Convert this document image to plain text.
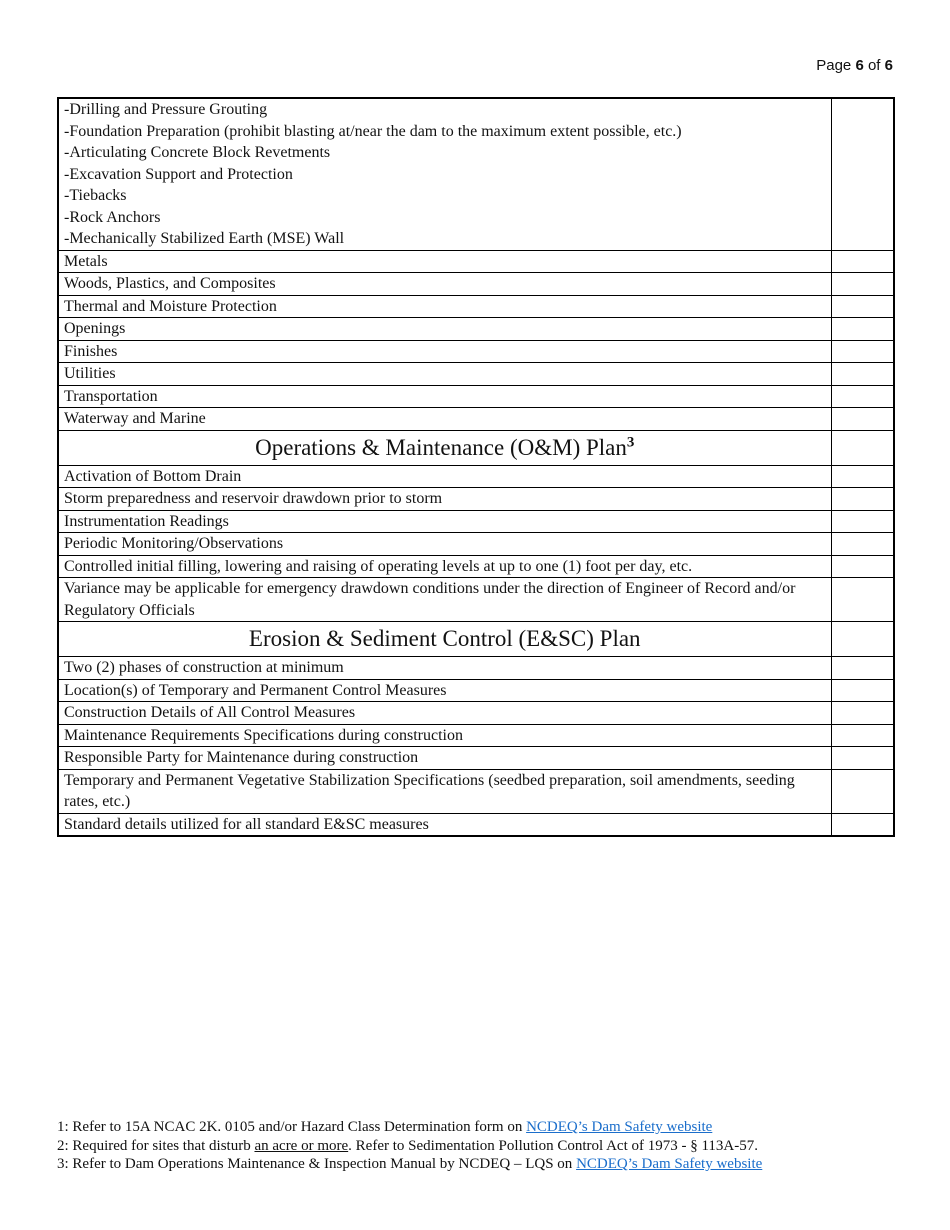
Page 6 of 6
-Drilling and Pressure Grouting
-Foundation Preparation (prohibit blasting at/near the dam to the maximum extent possible, etc.)
-Articulating Concrete Block Revetments
-Excavation Support and Protection
-Tiebacks
-Rock Anchors
-Mechanically Stabilized Earth (MSE) Wall	
Metals	
Woods, Plastics, and Composites	
Thermal and Moisture Protection	
Openings	
Finishes	
Utilities	
Transportation	
Waterway and Marine	
Operations & Maintenance (O&M) Plan$^3$	
Activation of Bottom Drain	
Storm preparedness and reservoir drawdown prior to storm	
Instrumentation Readings	
Periodic Monitoring/Observations	
Controlled initial filling, lowering and raising of operating levels at up to one (1) foot per day, etc.	
Variance may be applicable for emergency drawdown conditions under the direction of Engineer of Record and/or Regulatory Officials	
Erosion & Sediment Control (E&SC) Plan	
Two (2) phases of construction at minimum	
Location(s) of Temporary and Permanent Control Measures	
Construction Details of All Control Measures	
Maintenance Requirements Specifications during construction	
Responsible Party for Maintenance during construction	
Temporary and Permanent Vegetative Stabilization Specifications (seedbed preparation, soil amendments, seeding rates, etc.)	
Standard details utilized for all standard E&SC measures	
1: Refer to 15A NCAC 2K. 0105 and/or Hazard Class Determination form on NCDEQ’s Dam Safety website
2: Required for sites that disturb an acre or more. Refer to Sedimentation Pollution Control Act of 1973 - § 113A-57.
3: Refer to Dam Operations Maintenance & Inspection Manual by NCDEQ – LQS on NCDEQ’s Dam Safety website
